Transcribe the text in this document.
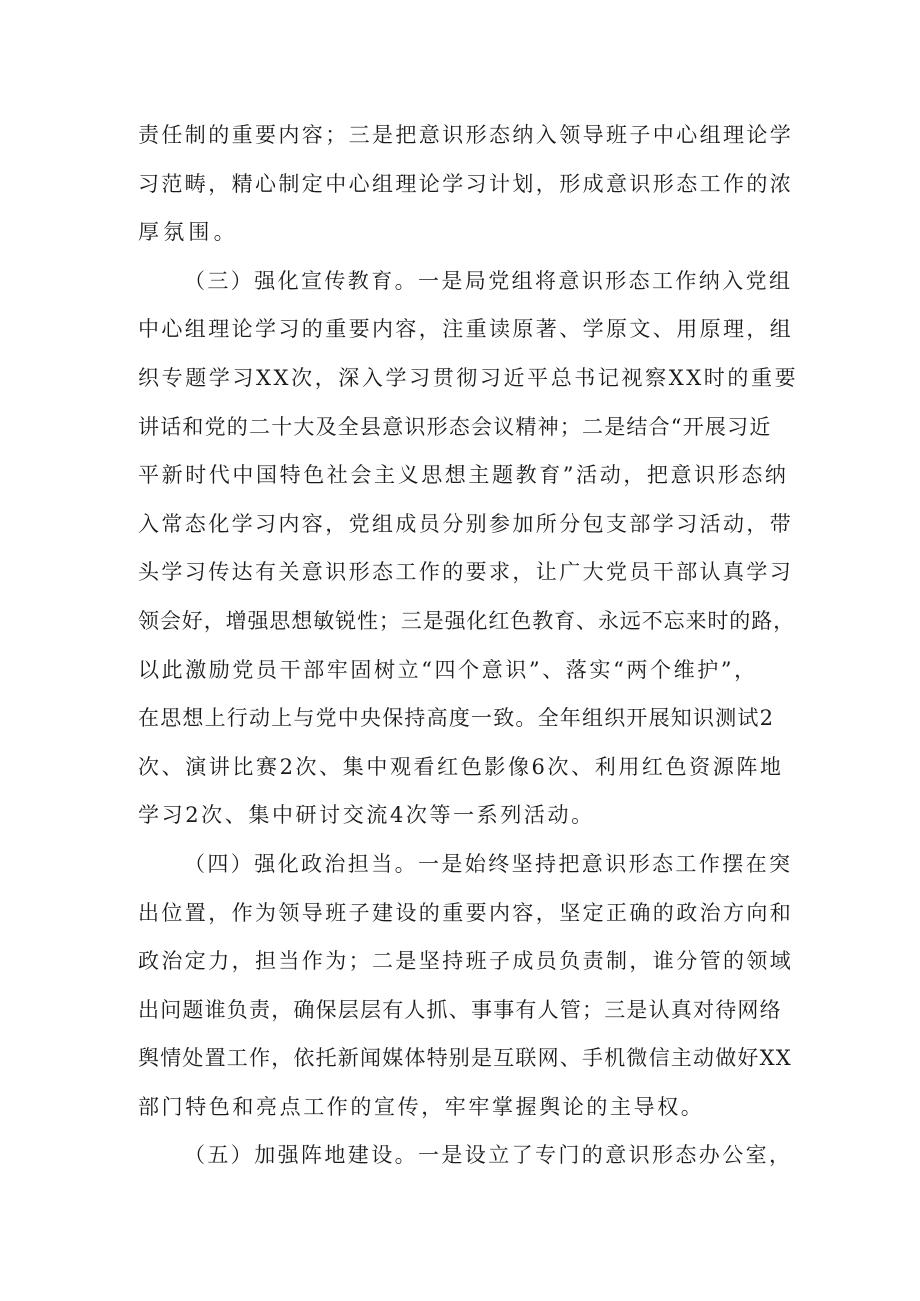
责任制的重要内容；三是把意识形态纳入领导班子中心组理论学
习范畴，精心制定中心组理论学习计划，形成意识形态工作的浓
厚氛围。
（三）强化宣传教育。一是局党组将意识形态工作纳入党组
中心组理论学习的重要内容，注重读原著、学原文、用原理，组
织专题学习XX次，深入学习贯彻习近平总书记视察XX时的重要
讲话和党的二十大及全县意识形态会议精神；二是结合“开展习近
平新时代中国特色社会主义思想主题教育”活动，把意识形态纳
入常态化学习内容，党组成员分别参加所分包支部学习活动，带
头学习传达有关意识形态工作的要求，让广大党员干部认真学习
领会好，增强思想敏锐性；三是强化红色教育、永远不忘来时的路，
以此激励党员干部牢固树立“四个意识”、落实“两个维护”，
在思想上行动上与党中央保持高度一致。全年组织开展知识测试2
次、演讲比赛2次、集中观看红色影像6次、利用红色资源阵地
学习2次、集中研讨交流4次等一系列活动。
（四）强化政治担当。一是始终坚持把意识形态工作摆在突
出位置，作为领导班子建设的重要内容，坚定正确的政治方向和
政治定力，担当作为；二是坚持班子成员负责制，谁分管的领域
出问题谁负责，确保层层有人抓、事事有人管；三是认真对待网络
舆情处置工作，依托新闻媒体特别是互联网、手机微信主动做好XX
部门特色和亮点工作的宣传，牢牢掌握舆论的主导权。
（五）加强阵地建设。一是设立了专门的意识形态办公室，
